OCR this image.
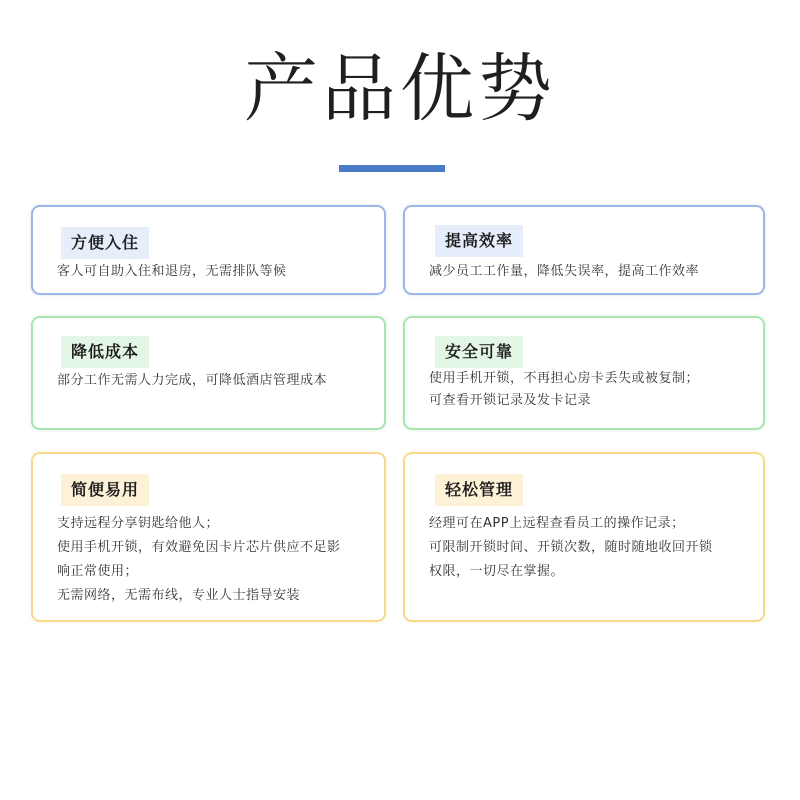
产品优势
方便入住
客人可自助入住和退房，无需排队等候
提高效率
减少员工工作量，降低失误率，提高工作效率
降低成本
部分工作无需人力完成，可降低酒店管理成本
安全可靠
使用手机开锁，不再担心房卡丢失或被复制；
可查看开锁记录及发卡记录
简便易用
支持远程分享钥匙给他人；
使用手机开锁，有效避免因卡片芯片供应不足影
响正常使用；
无需网络，无需布线，专业人士指导安装
轻松管理
经理可在APP上远程查看员工的操作记录；
可限制开锁时间、开锁次数，随时随地收回开锁
权限，一切尽在掌握。
